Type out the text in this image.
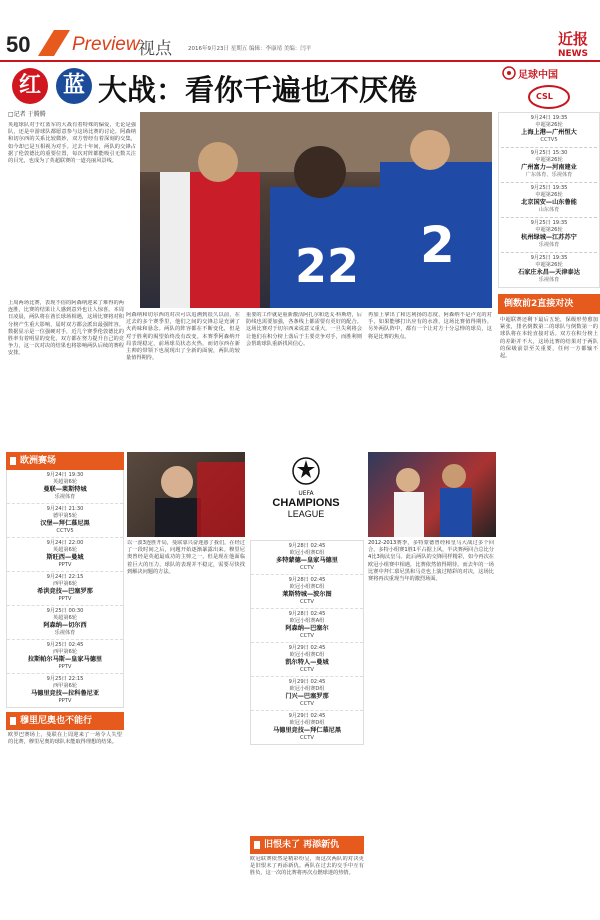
50 Preview
视点	2016年9月23日 星期五 编辑：李康靖 美编：闫平
近报
NEWS
红 蓝 大战：看你千遍也不厌倦
□记者 于腾腾
英超球队对于红蓝军的大战有着特殊的偏爱，无论是强队，还是中游球队都愿意参与这场比赛的讨论。阿森纳和切尔西的关系比较微妙，双方曾经有着深刻的交集，如今却已是互相视为对手。过去十年间，两队的交锋占据了伦敦德比的重要位置，每次对阵都能吸引无数关注的目光，也成为了英超联赛的一道亮丽风景线。
上周两场比赛，表现不俗的阿森纳迎来了难得的两连胜，比赛的结果让人感到意外也让人惊喜。本周日凌晨，两队将在酋长球场相遇，这场比赛将对积分榜产生重大影响，届时双方都会派出最强阵容。数据显示是一位强硬对手，近几个赛季伦敦德比的胜率有着明显的变化，双方都在努力提升自己的竞争力，这一次对决的结果也将影响两队后续的赛程安排。
22 2
阿森纳和切尔西的对决可以追溯到很久以前，在过去的多个赛季里，他们之间的交锋总是充满了火药味和悬念。两队的阵容都在不断变化，但是对于胜利的渴望始终没有改变。本赛季阿森纳开局表现稳定，前场球员状态火热，而切尔西在新主帅的带领下也展现出了全新的面貌，两队的较量值得期待。
重要的工作就是重新激活阿扎尔和迭戈·科斯塔，后防线也需要加强，各条线上都需要有更好的配合。这场比赛对于切尔西来说意义重大，一旦失利将会让他们在积分榜上落后于主要竞争对手，而胜利则会帮助球队重新找回信心。
再加上拿出了和达利扬的态度，阿森纳不是卢克的对手，如果能够打出应有的水准，这场比赛值得期待。另外两队阵中，都有一个让对方十分忌惮的球员，这将是比赛的焦点。
足球中国
CSL
9月24日 19:35
中超第26轮
上海上港—广州恒大
CCTV5
9月25日 15:30
中超第26轮
广州富力—河南建业
广东体育、乐视体育
9月25日 19:35
中超第26轮
北京国安—山东鲁能
山东体育
9月25日 19:35
中超第26轮
杭州绿城—江苏苏宁
乐视体育
9月25日 19:35
中超第26轮
石家庄永昌—天津泰达
乐视体育
倒数前2直接对决
中超联赛还剩下最后五轮，保级形势愈加紧张，排名倒数第二的球队与倒数第一的球队将在本轮直接对话。双方在积分榜上的差距并不大，这场比赛的结果对于两队的保级前景至关重要，任何一方都输不起。
欧洲赛场
9月24日 19:30
英超第6轮
曼联—莱斯特城
乐视体育
9月24日 21:30
德甲第5轮
汉堡—拜仁慕尼黑
CCTV5
9月24日 22:00
英超第6轮
斯旺西—曼城
PPTV
9月24日 22:15
西甲第6轮
希洪竞技—巴塞罗那
PPTV
9月25日 00:30
英超第6轮
阿森纳—切尔西
乐视体育
9月25日 02:45
西甲第6轮
拉斯帕尔马斯—皇家马德里
PPTV
9月25日 22:15
西甲第6轮
马德里竞技—拉科鲁尼亚
PPTV
穆里尼奥也不能行
欧罗巴赛场上，曼联在上周迎来了一场令人失望的比赛，穆里尼奥的球队未能取得理想的结果。
UEFA
CHAMPIONS
LEAGUE
以一波3连胜开局，曼联靠兴奋迷惑了我们，在经过了一段时间之后，问题开始逐渐暴露出来。穆里尼奥曾经是英超最成功的主帅之一，但是现在他面临着巨大的压力，球队的表现并不稳定，需要尽快找到解决问题的方法。
9月28日 02:45
欧冠小组赛C组
多特蒙德—皇家马德里
CCTV
9月28日 02:45
欧冠小组赛C组
莱斯特城—波尔图
CCTV
9月28日 02:45
欧冠小组赛A组
阿森纳—巴塞尔
CCTV
9月29日 02:45
欧冠小组赛C组
凯尔特人—曼城
CCTV
9月29日 02:45
欧冠小组赛D组
门兴—巴塞罗那
CCTV
9月29日 02:45
欧冠小组赛D组
马德里竞技—拜仁慕尼黑
CCTV
旧恨未了 再添新仇
欧冠联赛依然是精彩纷呈，而这次两队的对决更是旧恨未了再添新仇。两队在过去的交手中互有胜负，这一次的比赛将再次点燃球迷的热情。
2012-2013赛季，多特蒙德曾经和皇马大战过多个回合，多特小组赛1胜1平占据上风，半决赛两回合总比分4比3淘汰皇马。此后两队的交锋同样精彩，如今再次在欧冠小组赛中相遇，比赛依然值得期待。而去年的一场比赛中拜仁慕尼黑和马竞也上演过精彩的对决，这场比赛将再次重现当年的激烈场面。
